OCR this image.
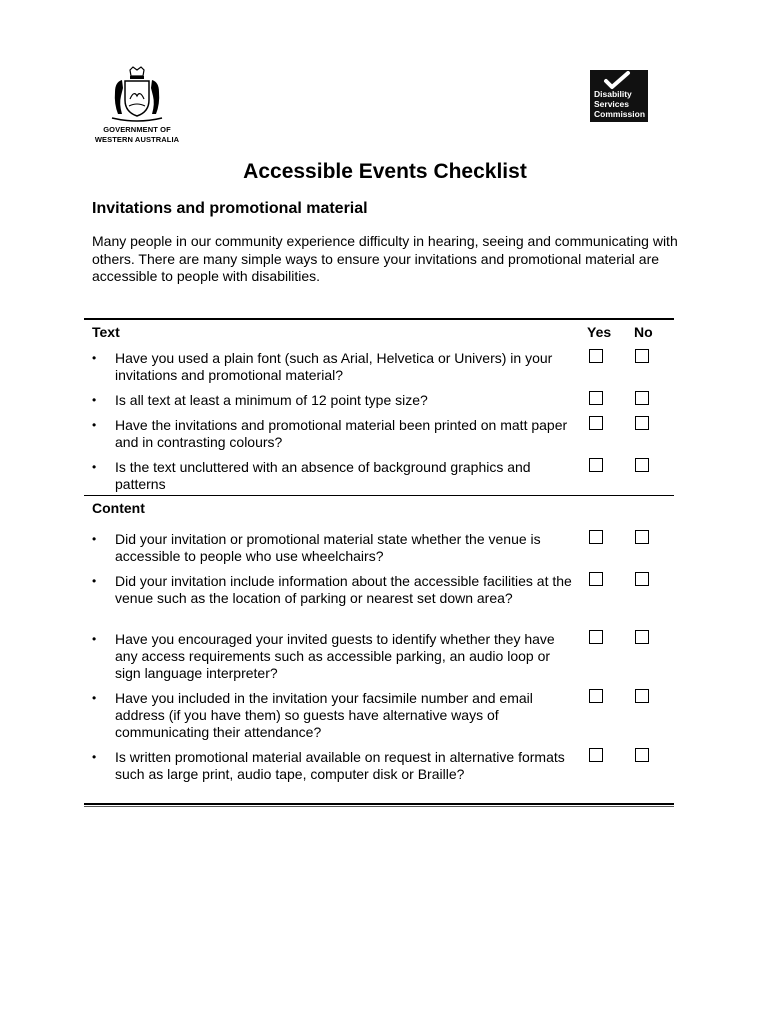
GOVERNMENT OF
WESTERN AUSTRALIA
Disability
Services
Commission
Accessible Events Checklist
Invitations and promotional material
Many people in our community experience difficulty in hearing, seeing and communicating with others. There are many simple ways to ensure your invitations and promotional material are accessible to people with disabilities.
Text	Yes No
• Have you used a plain font (such as Arial, Helvetica or Univers) in your invitations and promotional material?
• Is all text at least a minimum of 12 point type size?
• Have the invitations and promotional material been printed on matt paper and in contrasting colours?
• Is the text uncluttered with an absence of background graphics and patterns
Content
• Did your invitation or promotional material state whether the venue is accessible to people who use wheelchairs?
• Did your invitation include information about the accessible facilities at the venue such as the location of parking or nearest set down area?
• Have you encouraged your invited guests to identify whether they have any access requirements such as accessible parking, an audio loop or sign language interpreter?
• Have you included in the invitation your facsimile number and email address (if you have them) so guests have alternative ways of communicating their attendance?
• Is written promotional material available on request in alternative formats such as large print, audio tape, computer disk or Braille?
